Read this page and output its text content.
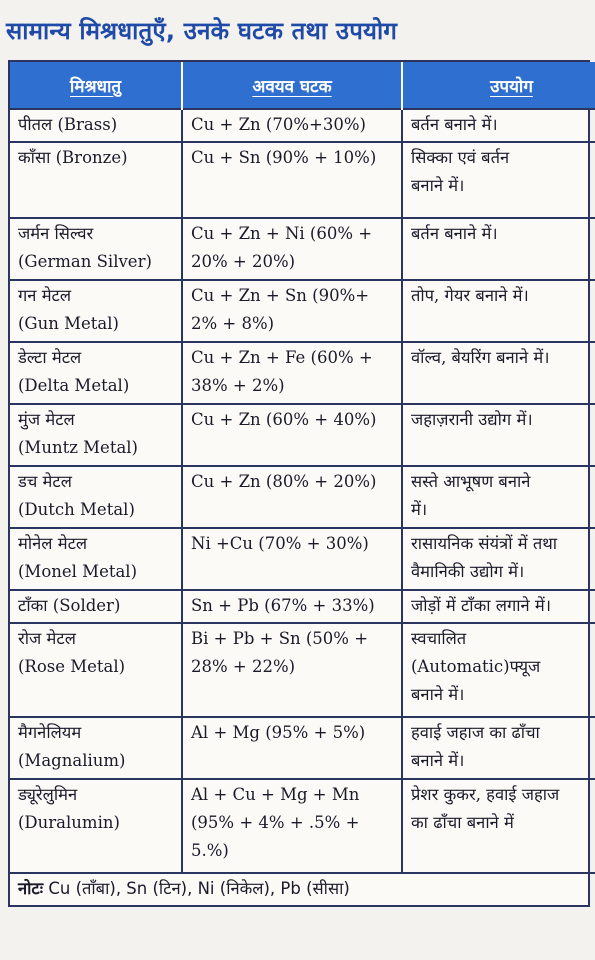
सामान्य मिश्रधातुएँ, उनके घटक तथा उपयोग
मिश्रधातु	अवयव घटक	उपयोग

पीतल (Brass)	Cu + Zn (70%+30%)	बर्तन बनाने में।

काँसा (Bronze)	Cu + Sn (90% + 10%)	सिक्का एवं बर्तन
बनाने में।

जर्मन सिल्वर
(German Silver)	Cu + Zn + Ni (60% +
20% + 20%)	बर्तन बनाने में।

गन मेटल
(Gun Metal)	Cu + Zn + Sn (90%+
2% + 8%)	तोप, गेयर बनाने में।

डेल्टा मेटल
(Delta Metal)	Cu + Zn + Fe (60% +
38% + 2%)	वॉल्व, बेयरिंग बनाने में।

मुंज मेटल
(Muntz Metal)	Cu + Zn (60% + 40%)	जहाज़रानी उद्योग में।

डच मेटल
(Dutch Metal)	Cu + Zn (80% + 20%)	सस्ते आभूषण बनाने
में।

मोनेल मेटल
(Monel Metal)	Ni +Cu (70% + 30%)	रासायनिक संयंत्रों में तथा
वैमानिकी उद्योग में।

टाँका (Solder)	Sn + Pb (67% + 33%)	जोड़ों में टाँका लगाने में।

रोज मेटल
(Rose Metal)	Bi + Pb + Sn (50% +
28% + 22%)	स्वचालित
(Automatic)फ्यूज
बनाने में।

मैगनेलियम
(Magnalium)	Al + Mg (95% + 5%)	हवाई जहाज का ढाँचा
बनाने में।

ड्यूरेलुमिन
(Duralumin)	Al + Cu + Mg + Mn
(95% + 4% + .5% +
5.%)	प्रेशर कुकर, हवाई जहाज
का ढाँचा बनाने में

नोटः Cu (ताँबा), Sn (टिन), Ni (निकेल), Pb (सीसा)		
